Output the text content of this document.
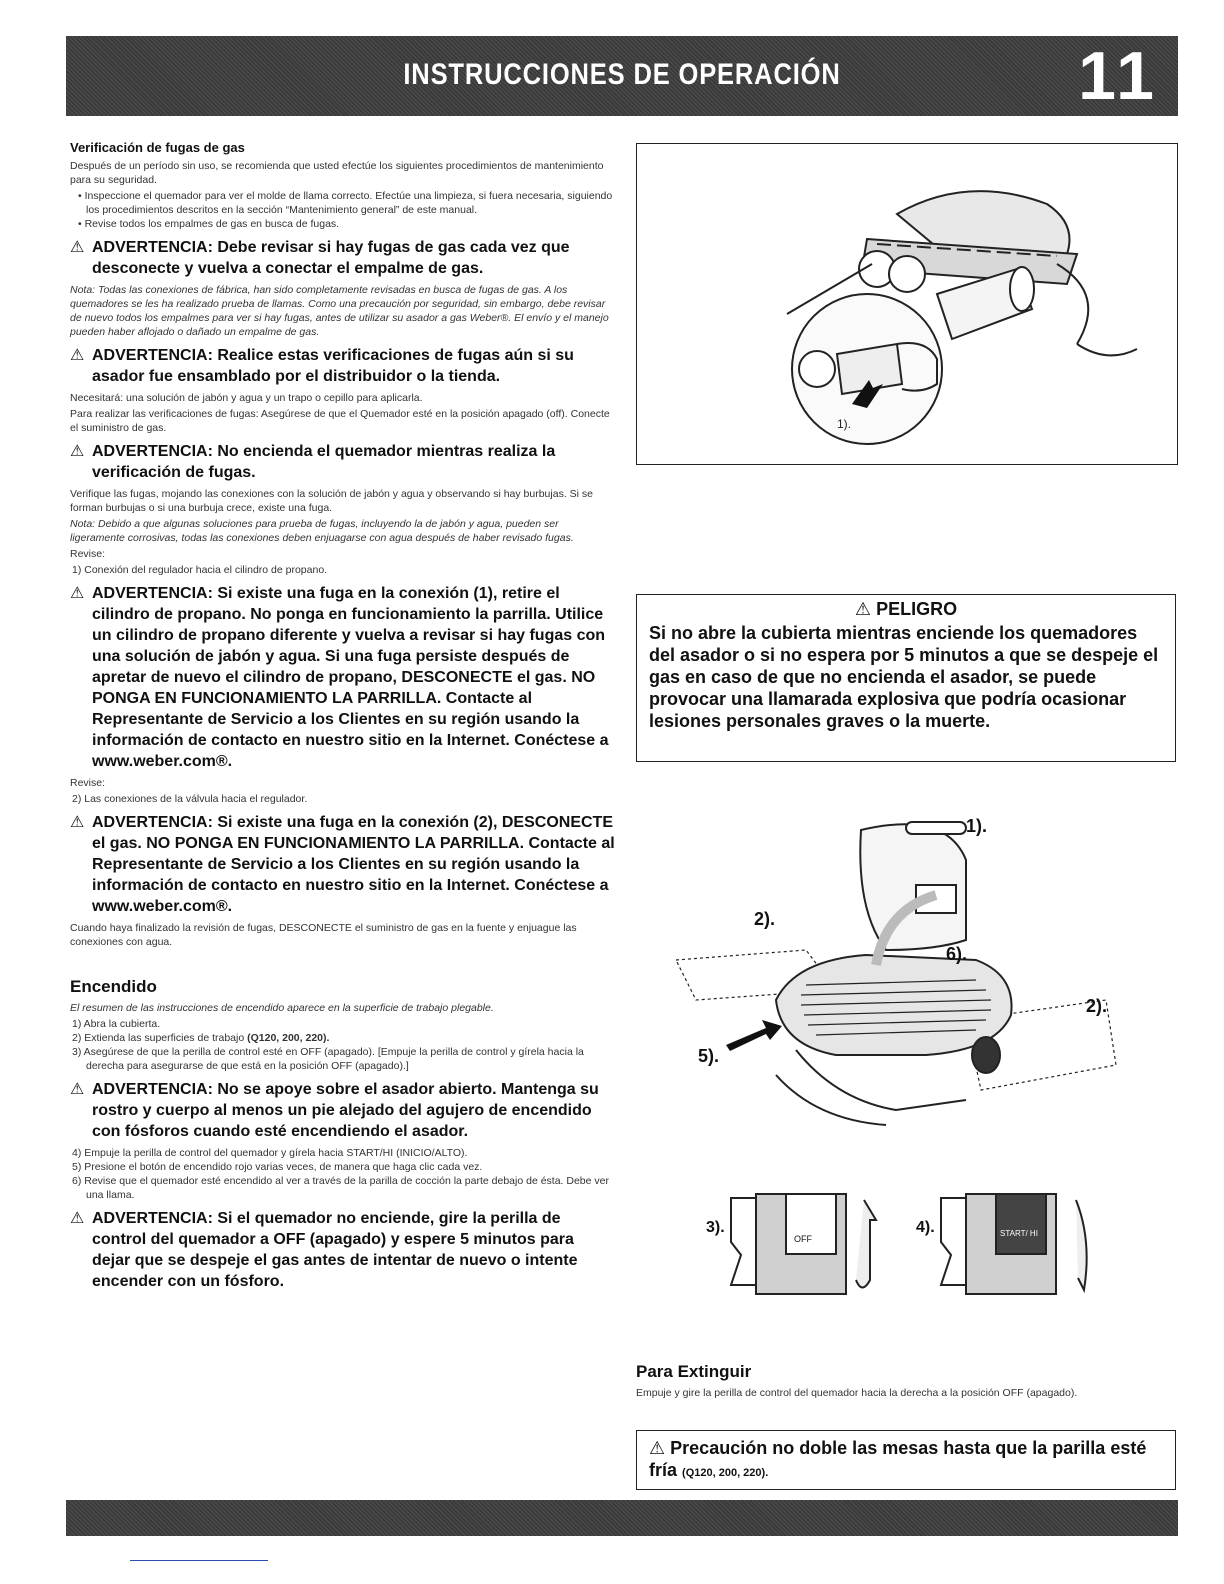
INSTRUCCIONES DE OPERACIÓN	11
Verificación de fugas de gas

Después de un período sin uso, se recomienda que usted efectúe los siguientes procedimientos de mantenimiento para su seguridad.

• Inspeccione el quemador para ver el molde de llama correcto. Efectúe una limpieza, si fuera necesaria, siguiendo los procedimientos descritos en la sección “Mantenimiento general” de este manual.

• Revise todos los empalmes de gas en busca de fugas.

⚠ ADVERTENCIA: Debe revisar si hay fugas de gas cada vez que desconecte y vuelva a conectar el empalme de gas.

Nota: Todas las conexiones de fábrica, han sido completamente revisadas en busca de fugas de gas. A los quemadores se les ha realizado prueba de llamas. Como una precaución por seguridad, sin embargo, debe revisar de nuevo todos los empalmes para ver si hay fugas, antes de utilizar su asador a gas Weber®. El envío y el manejo pueden haber aflojado o dañado un empalme de gas.

⚠ ADVERTENCIA: Realice estas verificaciones de fugas aún si su asador fue ensamblado por el distribuidor o la tienda.

Necesitará: una solución de jabón y agua y un trapo o cepillo para aplicarla.

Para realizar las verificaciones de fugas: Asegúrese de que el Quemador esté en la posición apagado (off). Conecte el suministro de gas.

⚠ ADVERTENCIA: No encienda el quemador mientras realiza la verificación de fugas.

Verifique las fugas, mojando las conexiones con la solución de jabón y agua y observando si hay burbujas. Si se forman burbujas o si una burbuja crece, existe una fuga.

Nota: Debido a que algunas soluciones para prueba de fugas, incluyendo la de jabón y agua, pueden ser ligeramente corrosivas, todas las conexiones deben enjuagarse con agua después de haber revisado fugas.

Revise:

1) Conexión del regulador hacia el cilindro de propano.

⚠ ADVERTENCIA: Si existe una fuga en la conexión (1), retire el cilindro de propano. No ponga en funcionamiento la parrilla. Utilice un cilindro de propano diferente y vuelva a revisar si hay fugas con una solución de jabón y agua. Si una fuga persiste después de apretar de nuevo el cilindro de propano, DESCONECTE el gas. NO PONGA EN FUNCIONAMIENTO LA PARRILLA. Contacte al Representante de Servicio a los Clientes en su región usando la información de contacto en nuestro sitio en la Internet. Conéctese a www.weber.com®.

Revise:

2) Las conexiones de la válvula hacia el regulador.

⚠ ADVERTENCIA: Si existe una fuga en la conexión (2), DESCONECTE el gas. NO PONGA EN FUNCIONAMIENTO LA PARRILLA. Contacte al Representante de Servicio a los Clientes en su región usando la información de contacto en nuestro sitio en la Internet. Conéctese a www.weber.com®.

Cuando haya finalizado la revisión de fugas, DESCONECTE el suministro de gas en la fuente y enjuague las conexiones con agua.

Encendido

El resumen de las instrucciones de encendido aparece en la superficie de trabajo plegable.

1) Abra la cubierta.

2) Extienda las superficies de trabajo (Q120, 200, 220).

3) Asegúrese de que la perilla de control esté en OFF (apagado). [Empuje la perilla de control y gírela hacia la derecha para asegurarse de que está en la posición OFF (apagado).]

⚠ ADVERTENCIA: No se apoye sobre el asador abierto. Mantenga su rostro y cuerpo al menos un pie alejado del agujero de encendido con fósforos cuando esté encendiendo el asador.

4) Empuje la perilla de control del quemador y gírela hacia START/HI (INICIO/ALTO).

5) Presione el botón de encendido rojo varias veces, de manera que haga clic cada vez.

6) Revise que el quemador esté encendido al ver a través de la parilla de cocción la parte debajo de ésta. Debe ver una llama.

⚠ ADVERTENCIA: Si el quemador no enciende, gire la perilla de control del quemador a OFF (apagado) y espere 5 minutos para dejar que se despeje el gas antes de intentar de nuevo o intente encender con un fósforo.
1).
⚠ PELIGRO

Si no abre la cubierta mientras enciende los quemadores del asador o si no espera por 5 minutos a que se despeje el gas en caso de que no encienda el asador, se puede provocar una llamarada explosiva que podría ocasionar lesiones personales graves o la muerte.

1).
2).
6).
2).
5).
3).	4).
OFF
START/ HI
Para Extinguir

Empuje y gire la perilla de control del quemador hacia la derecha a la posición OFF (apagado).

⚠ Precaución no doble las mesas hasta que la parilla esté fría (Q120, 200, 220).
